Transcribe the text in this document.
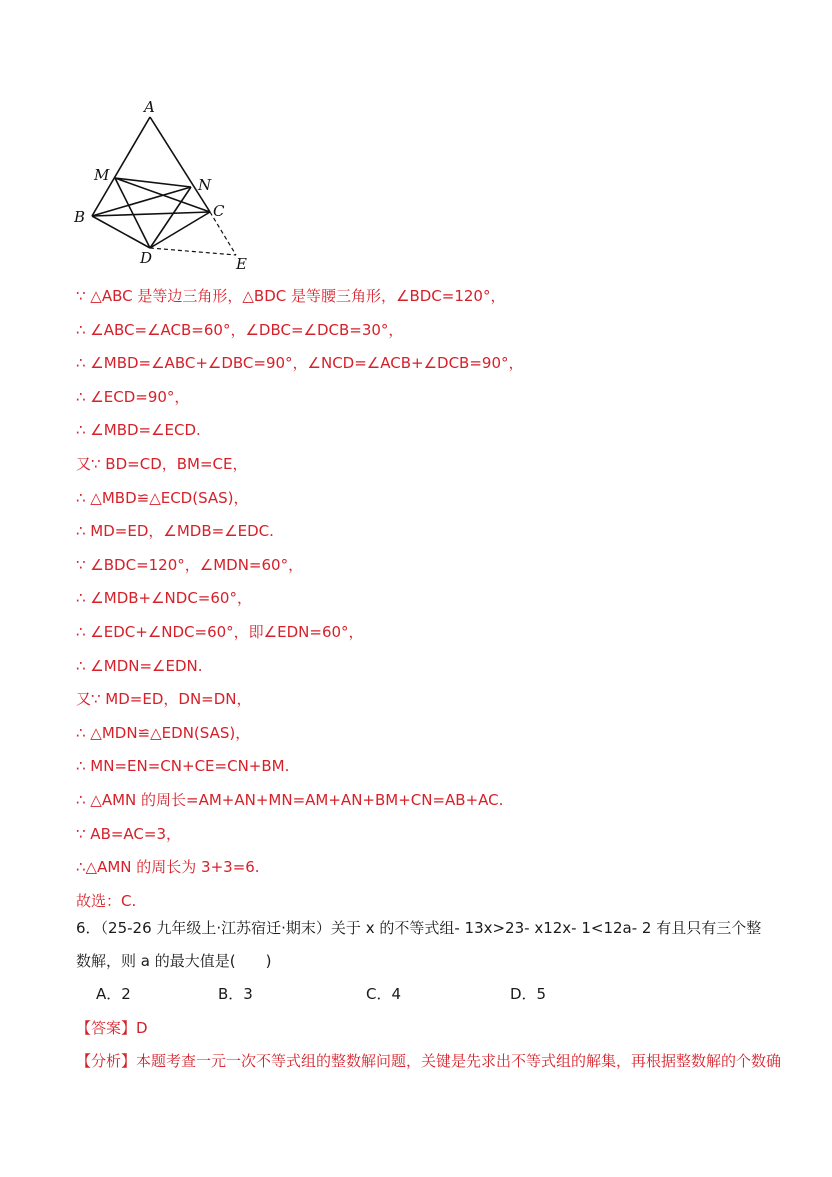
A
M
N
B	C
D	E
∵ △ABC 是等边三角形，△BDC 是等腰三角形，∠BDC=120°，
∴ ∠ABC=∠ACB=60°，∠DBC=∠DCB=30°，
∴ ∠MBD=∠ABC+∠DBC=90°，∠NCD=∠ACB+∠DCB=90°，
∴ ∠ECD=90°，
∴ ∠MBD=∠ECD.
又∵ BD=CD，BM=CE，
∴ △MBD≌△ECD(SAS)，
∴ MD=ED，∠MDB=∠EDC.
∵ ∠BDC=120°，∠MDN=60°，
∴ ∠MDB+∠NDC=60°，
∴ ∠EDC+∠NDC=60°，即∠EDN=60°，
∴ ∠MDN=∠EDN.
又∵ MD=ED，DN=DN，
∴ △MDN≌△EDN(SAS)，
∴ MN=EN=CN+CE=CN+BM.
∴ △AMN 的周长=AM+AN+MN=AM+AN+BM+CN=AB+AC.
∵ AB=AC=3，
∴△AMN 的周长为 3+3=6.
故选：C.
6．（25-26 九年级上·江苏宿迁·期末）关于 x 的不等式组- 13x>23- x12x- 1<12a- 2 有且只有三个整数解，则 a 的最大值是(　　)
A．2	B．3	C．4	D．5
【答案】D
【分析】本题考查一元一次不等式组的整数解问题，关键是先求出不等式组的解集，再根据整数解的个数确
